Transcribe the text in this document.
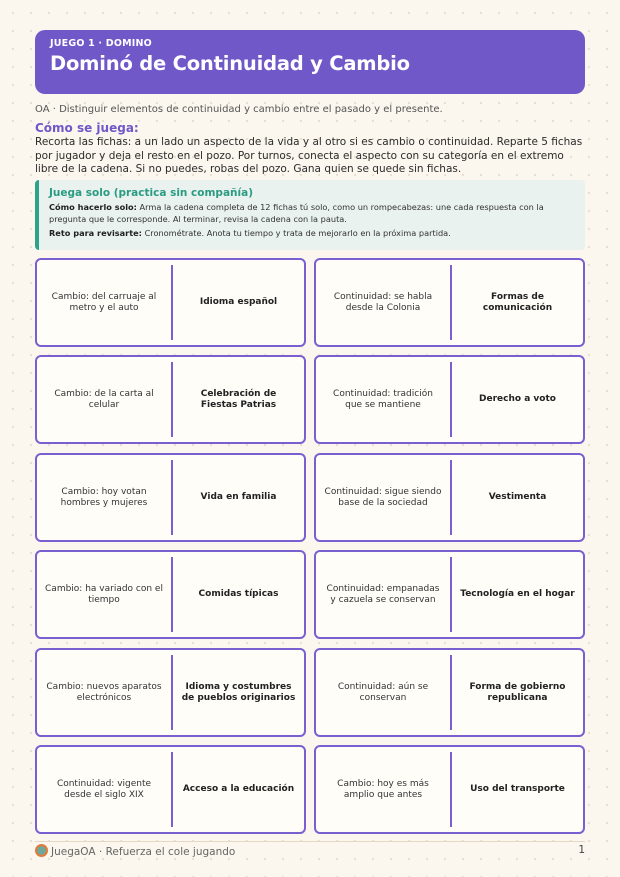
JUEGO 1 · DOMINO
Dominó de Continuidad y Cambio
OA · Distinguir elementos de continuidad y cambio entre el pasado y el presente.
Cómo se juega:
Recorta las fichas: a un lado un aspecto de la vida y al otro si es cambio o continuidad. Reparte 5 fichas por jugador y deja el resto en el pozo. Por turnos, conecta el aspecto con su categoría en el extremo libre de la cadena. Si no puedes, robas del pozo. Gana quien se quede sin fichas.
Juega solo (practica sin compañía)

Cómo hacerlo solo: Arma la cadena completa de 12 fichas tú solo, como un rompecabezas: une cada respuesta con la pregunta que le corresponde. Al terminar, revisa la cadena con la pauta.

Reto para revisarte: Cronométrate. Anota tu tiempo y trata de mejorarlo en la próxima partida.

Cambio: del carruaje al metro y el auto
Idioma español
Continuidad: se habla desde la Colonia
Formas de comunicación
Cambio: de la carta al celular
Celebración de Fiestas Patrias
Continuidad: tradición que se mantiene
Derecho a voto
Cambio: hoy votan hombres y mujeres
Vida en familia
Continuidad: sigue siendo base de la sociedad
Vestimenta
Cambio: ha variado con el tiempo
Comidas típicas
Continuidad: empanadas y cazuela se conservan
Tecnología en el hogar
Cambio: nuevos aparatos electrónicos
Idioma y costumbres de pueblos originarios
Continuidad: aún se conservan
Forma de gobierno republicana
Continuidad: vigente desde el siglo XIX
Acceso a la educación
Cambio: hoy es más amplio que antes
Uso del transporte
JuegaOA · Refuerza el cole jugando	1
